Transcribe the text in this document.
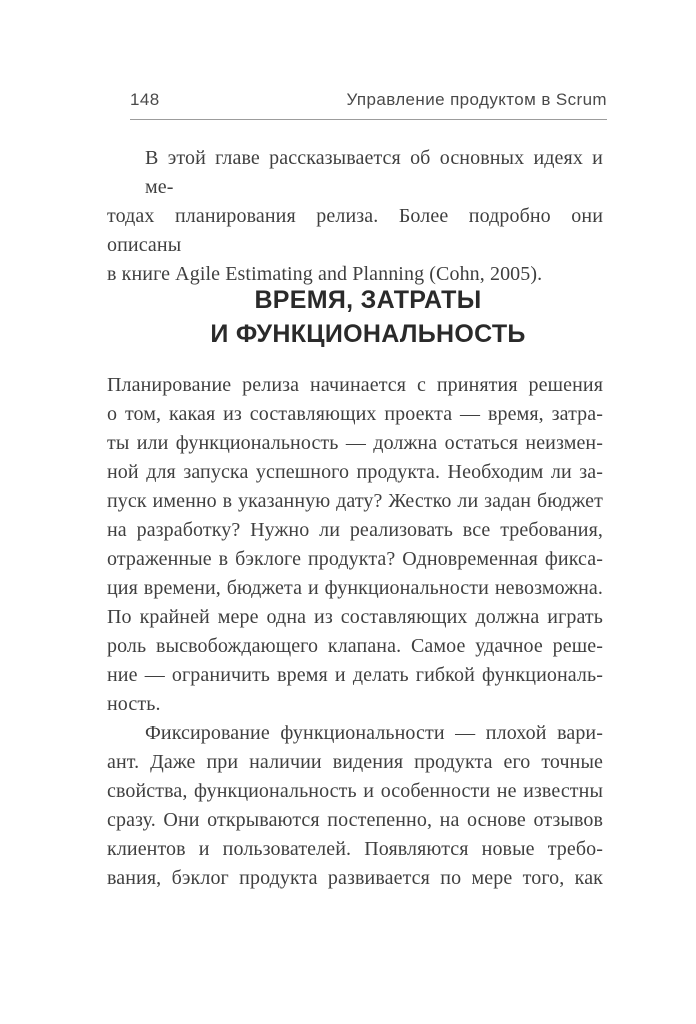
148	Управление продуктом в Scrum
В этой главе рассказывается об основных идеях и ме-
тодах планирования релиза. Более подробно они описаны
в книге Agile Estimating and Planning (Cohn, 2005).
ВРЕМЯ, ЗАТРАТЫ
И ФУНКЦИОНАЛЬНОСТЬ
Планирование релиза начинается с принятия решения
о том, какая из составляющих проекта — время, затра-
ты или функциональность — должна остаться неизмен-
ной для запуска успешного продукта. Необходим ли за-
пуск именно в указанную дату? Жестко ли задан бюджет
на разработку? Нужно ли реализовать все требования,
отраженные в бэклоге продукта? Одновременная фикса-
ция времени, бюджета и функциональности невозможна.
По крайней мере одна из составляющих должна играть
роль высвобождающего клапана. Самое удачное реше-
ние — ограничить время и делать гибкой функциональ-
ность.
Фиксирование функциональности — плохой вари-
ант. Даже при наличии видения продукта его точные
свойства, функциональность и особенности не известны
сразу. Они открываются постепенно, на основе отзывов
клиентов и пользователей. Появляются новые требо-
вания, бэклог продукта развивается по мере того, как
